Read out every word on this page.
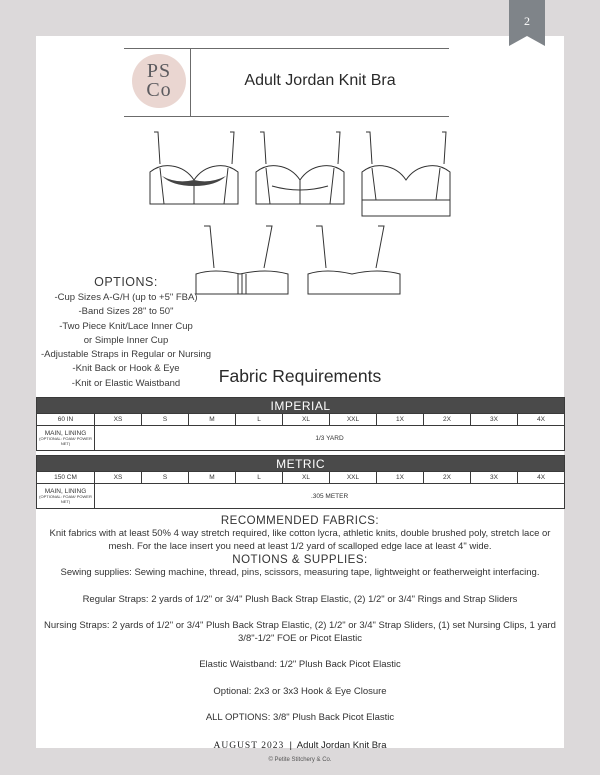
2
PS
Co	Adult Jordan Knit Bra
OPTIONS:
-Cup Sizes A-G/H (up to +5" FBA)
-Band Sizes 28" to 50"
-Two Piece Knit/Lace Inner Cup
or Simple Inner Cup
-Adjustable Straps in Regular or Nursing
-Knit Back or Hook & Eye
-Knit or Elastic Waistband	Fabric Requirements
IMPERIAL										
60 IN	XS	S	M	L	XL	XXL	1X	2X	3X	4X
MAIN, LINING
(OPTIONAL: FOAM/ POWER NET)	1/3 YARD									
METRIC										
150 CM	XS	S	M	L	XL	XXL	1X	2X	3X	4X
MAIN, LINING
(OPTIONAL: FOAM/ POWER NET)	.305 METER									

RECOMMENDED FABRICS:

Knit fabrics with at least 50% 4 way stretch required, like cotton lycra, athletic knits, double brushed poly, stretch lace or mesh. For the lace insert you need at least 1/2 yard of scalloped edge lace at least 4" wide.

NOTIONS & SUPPLIES:

Sewing supplies: Sewing machine, thread, pins, scissors, measuring tape, lightweight or featherweight interfacing.

Regular Straps: 2 yards of 1/2" or 3/4" Plush Back Strap Elastic, (2) 1/2" or 3/4" Rings and Strap Sliders

Nursing Straps: 2 yards of 1/2" or 3/4" Plush Back Strap Elastic, (2) 1/2" or 3/4" Strap Sliders, (1) set Nursing Clips, 1 yard 3/8"-1/2" FOE or Picot Elastic

Elastic Waistband: 1/2" Plush Back Picot Elastic

Optional: 2x3 or 3x3 Hook & Eye Closure

ALL OPTIONS: 3/8" Plush Back Picot Elastic

AUGUST 2023 | Adult Jordan Knit Bra
© Petite Stitchery & Co.
